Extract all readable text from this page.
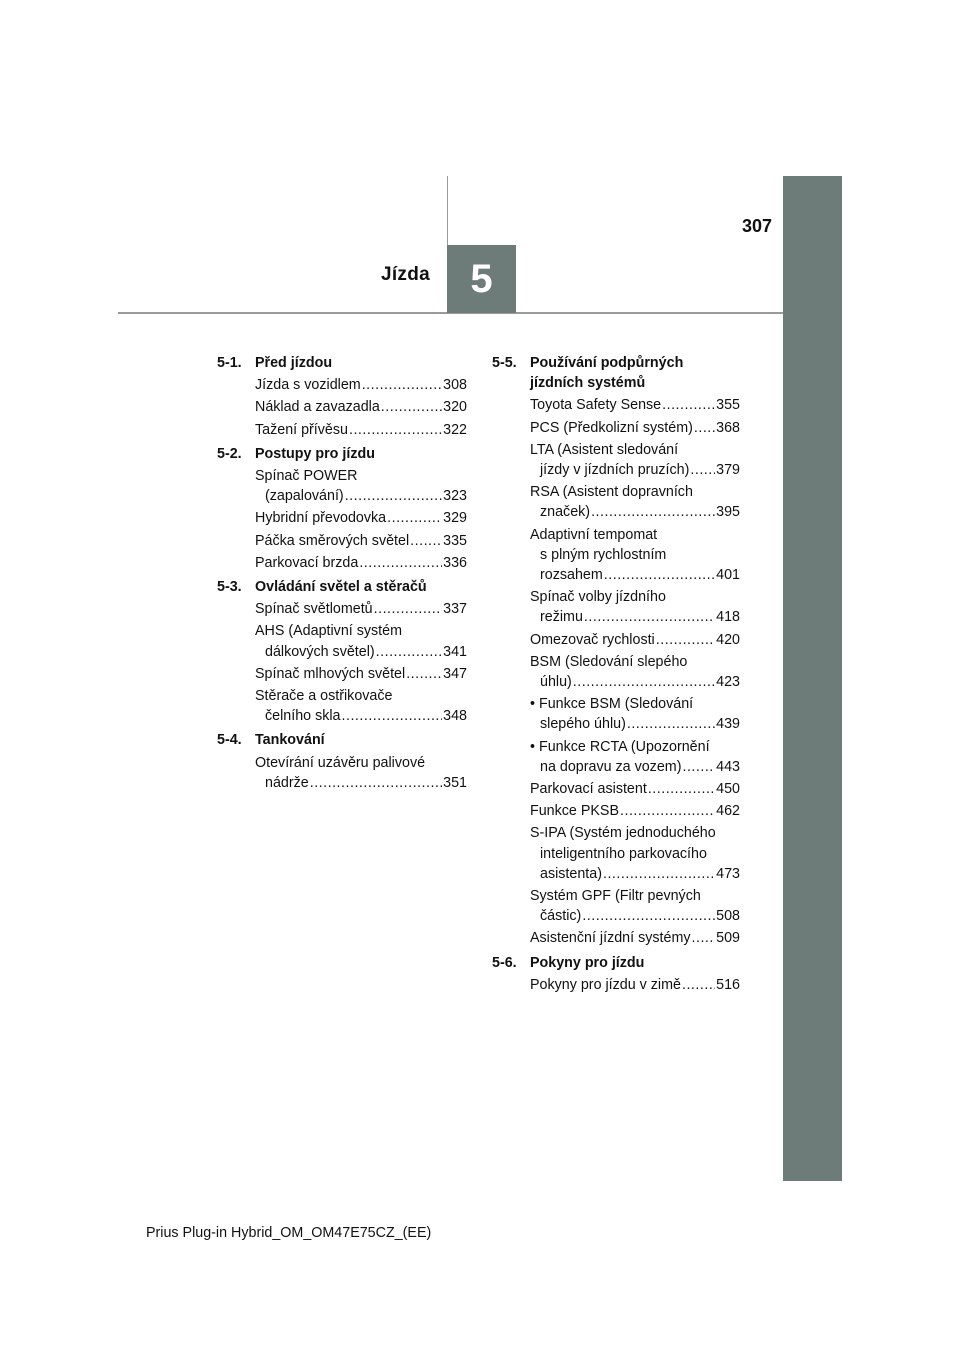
5
Jízda
307
5-1. Před jízdou
Jízda s vozidlem .....	308
Náklad a zavazadla .....	320
Tažení přívěsu .....	322
5-2. Postupy pro jízdu
Spínač POWER
(zapalování) .....	323
Hybridní převodovka .....	329
Páčka směrových světel ..... 335
Parkovací brzda .....	336
5-3. Ovládání světel a stěračů
Spínač světlometů .....	337
AHS (Adaptivní systém
dálkových světel) .....	341
Spínač mlhových světel .....	347
Stěrače a ostřikovače
čelního skla .....	348
5-4. Tankování
Otevírání uzávěru palivové
nádrže .....	351
5-5. Používání podpůrných jízdních systémů
Toyota Safety Sense .....	355
PCS (Předkolizní systém) ..... 368
LTA (Asistent sledování
jízdy v jízdních pruzích) ..... 379
RSA (Asistent dopravních
značek) .....	395
Adaptivní tempomat
s plným rychlostním
rozsahem .....	401
Spínač volby jízdního
režimu .....	418
Omezovač rychlosti .....	420
BSM (Sledování slepého
úhlu) .....	423
• Funkce BSM (Sledování
slepého úhlu) .....	439
• Funkce RCTA (Upozornění
na dopravu za vozem) ..... 443
Parkovací asistent .....	450
Funkce PKSB .....	462
S-IPA (Systém jednoduchého
inteligentního parkovacího
asistenta) .....	473
Systém GPF (Filtr pevných
částic) .....	508
Asistenční jízdní systémy ..... 509
5-6. Pokyny pro jízdu
Pokyny pro jízdu v zimě ..... 516
Prius Plug-in Hybrid_OM_OM47E75CZ_(EE)
